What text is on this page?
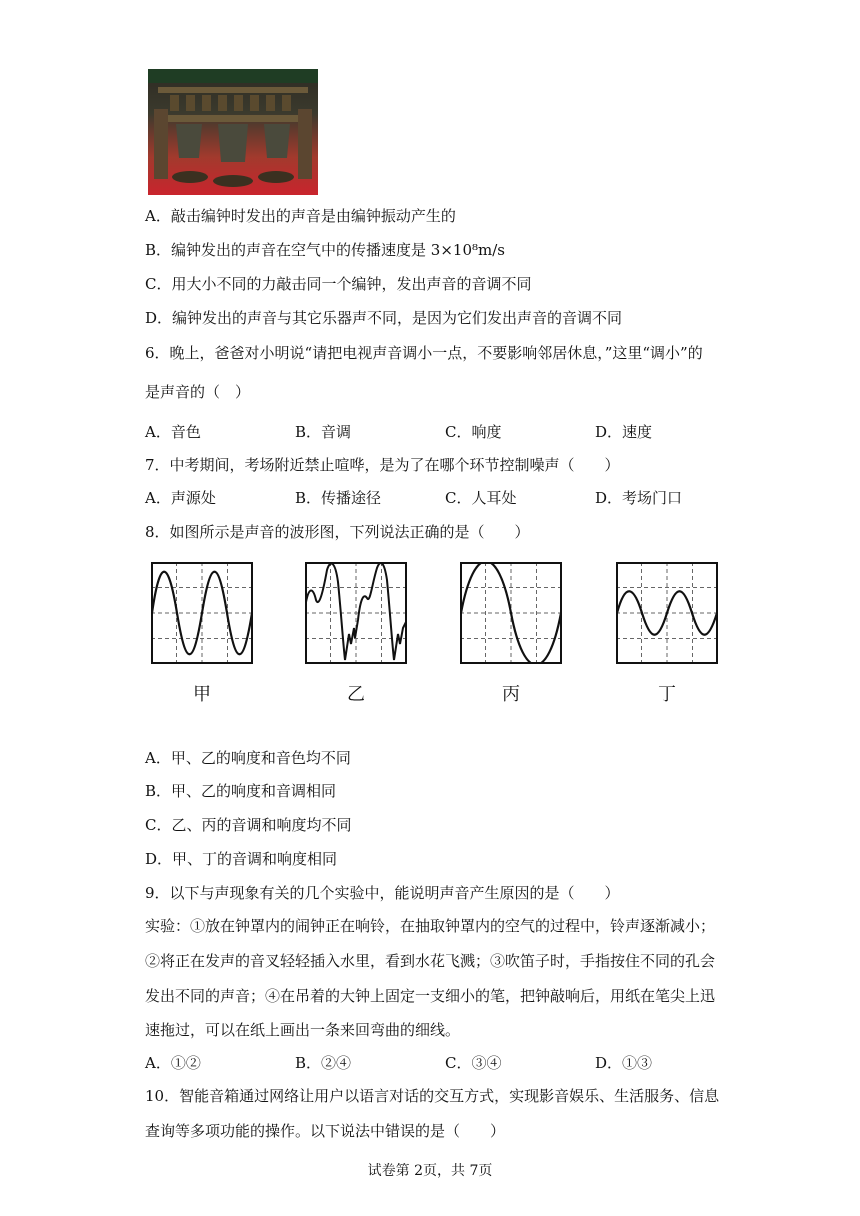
A．敲击编钟时发出的声音是由编钟振动产生的
B．编钟发出的声音在空气中的传播速度是 3×10⁸m/s
C．用大小不同的力敲击同一个编钟，发出声音的音调不同
D．编钟发出的声音与其它乐器声不同，是因为它们发出声音的音调不同
6．晚上，爸爸对小明说“请把电视声音调小一点，不要影响邻居休息，”这里“调小”的
是声音的（　）
A．音色	B．音调	C．响度	D．速度
7．中考期间，考场附近禁止喧哗，是为了在哪个环节控制噪声（　　）
A．声源处	B．传播途径	C．人耳处	D．考场门口
8．如图所示是声音的波形图，下列说法正确的是（　　）
甲	乙	丙	丁
A．甲、乙的响度和音色均不同
B．甲、乙的响度和音调相同
C．乙、丙的音调和响度均不同
D．甲、丁的音调和响度相同
9．以下与声现象有关的几个实验中，能说明声音产生原因的是（　　）
实验：①放在钟罩内的闹钟正在响铃，在抽取钟罩内的空气的过程中，铃声逐渐减小；
②将正在发声的音叉轻轻插入水里，看到水花飞溅；③吹笛子时，手指按住不同的孔会
发出不同的声音；④在吊着的大钟上固定一支细小的笔，把钟敲响后，用纸在笔尖上迅
速拖过，可以在纸上画出一条来回弯曲的细线。
A．①②	B．②④	C．③④	D．①③
10．智能音箱通过网络让用户以语言对话的交互方式，实现影音娱乐、生活服务、信息
查询等多项功能的操作。以下说法中错误的是（　　）
试卷第 2页，共 7页
